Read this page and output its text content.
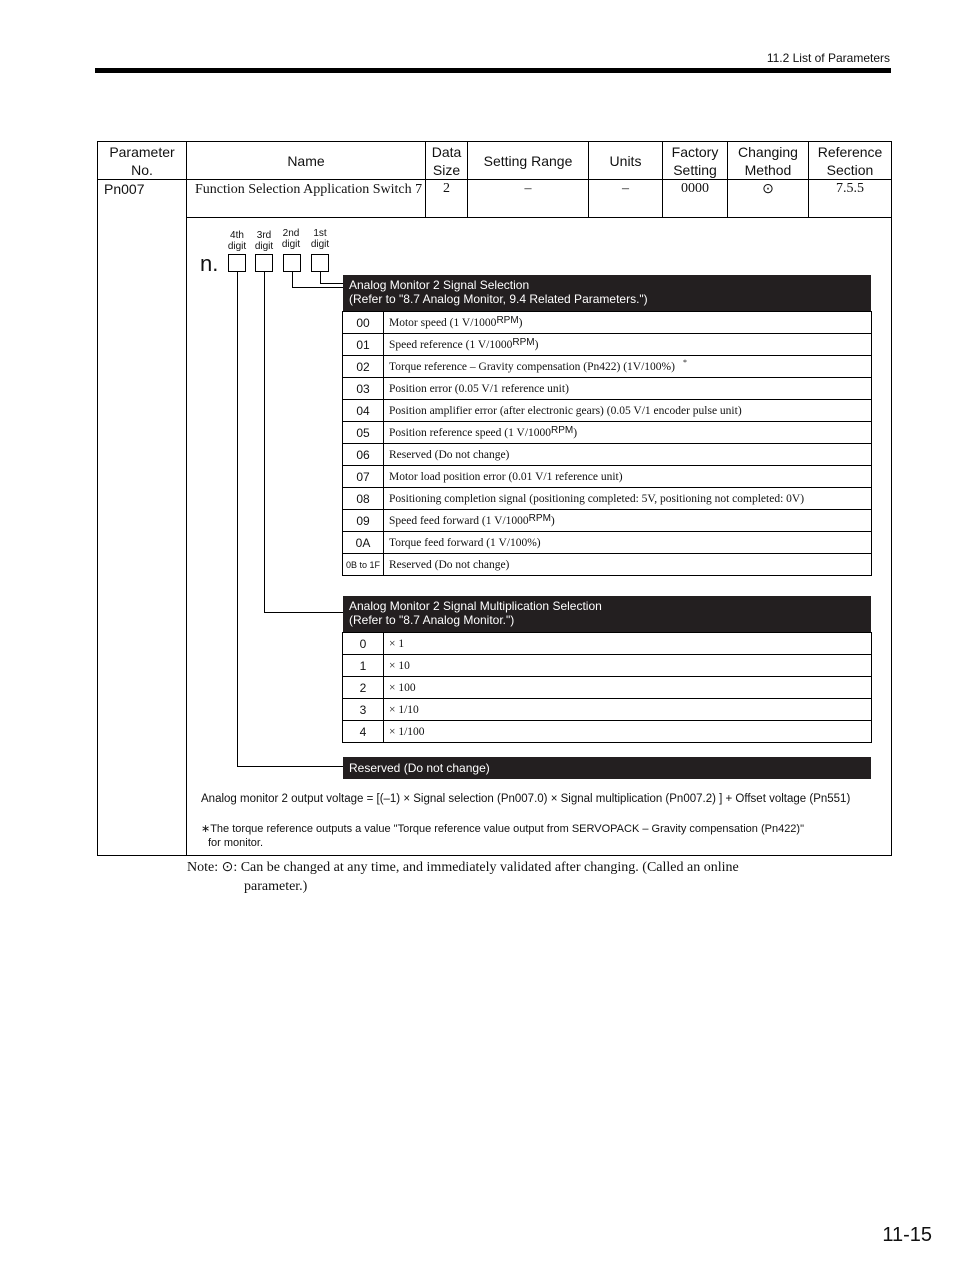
11.2 List of Parameters
Parameter No.	Name	Data Size	Setting Range	Units	Factory Setting	Changing Method	Reference Section
Pn007	Function Selection Application Switch 7	2	–	–	0000	⊙	7.5.5

4th
digit
3rd
digit
2nd
digit
1st
digit
n.
Analog Monitor 2 Signal Selection
(Refer to "8.7 Analog Monitor, 9.4 Related Parameters.")
00	Motor speed (1 V/1000RPM)
01	Speed reference (1 V/1000RPM)
02	Torque reference – Gravity compensation (Pn422) (1V/100%) *
03	Position error (0.05 V/1 reference unit)
04	Position amplifier error (after electronic gears) (0.05 V/1 encoder pulse unit)
05	Position reference speed (1 V/1000RPM)
06	Reserved (Do not change)
07	Motor load position error (0.01 V/1 reference unit)
08	Positioning completion signal (positioning completed: 5V, positioning not completed: 0V)
09	Speed feed forward (1 V/1000RPM)
0A	Torque feed forward (1 V/100%)
0B to 1F	Reserved (Do not change)
Analog Monitor 2 Signal Multiplication Selection
(Refer to "8.7 Analog Monitor.")
0	× 1
1	× 10
2	× 100
3	× 1/10
4	× 1/100
Reserved (Do not change)
Analog monitor 2 output voltage = [(–1) × Signal selection (Pn007.0) × Signal multiplication (Pn007.2) ] + Offset voltage (Pn551)
∗The torque reference outputs a value "Torque reference value output from SERVOPACK – Gravity compensation (Pn422)"
for monitor.
Note: ⊙: Can be changed at any time, and immediately validated after changing. (Called an online
parameter.)
11-15
